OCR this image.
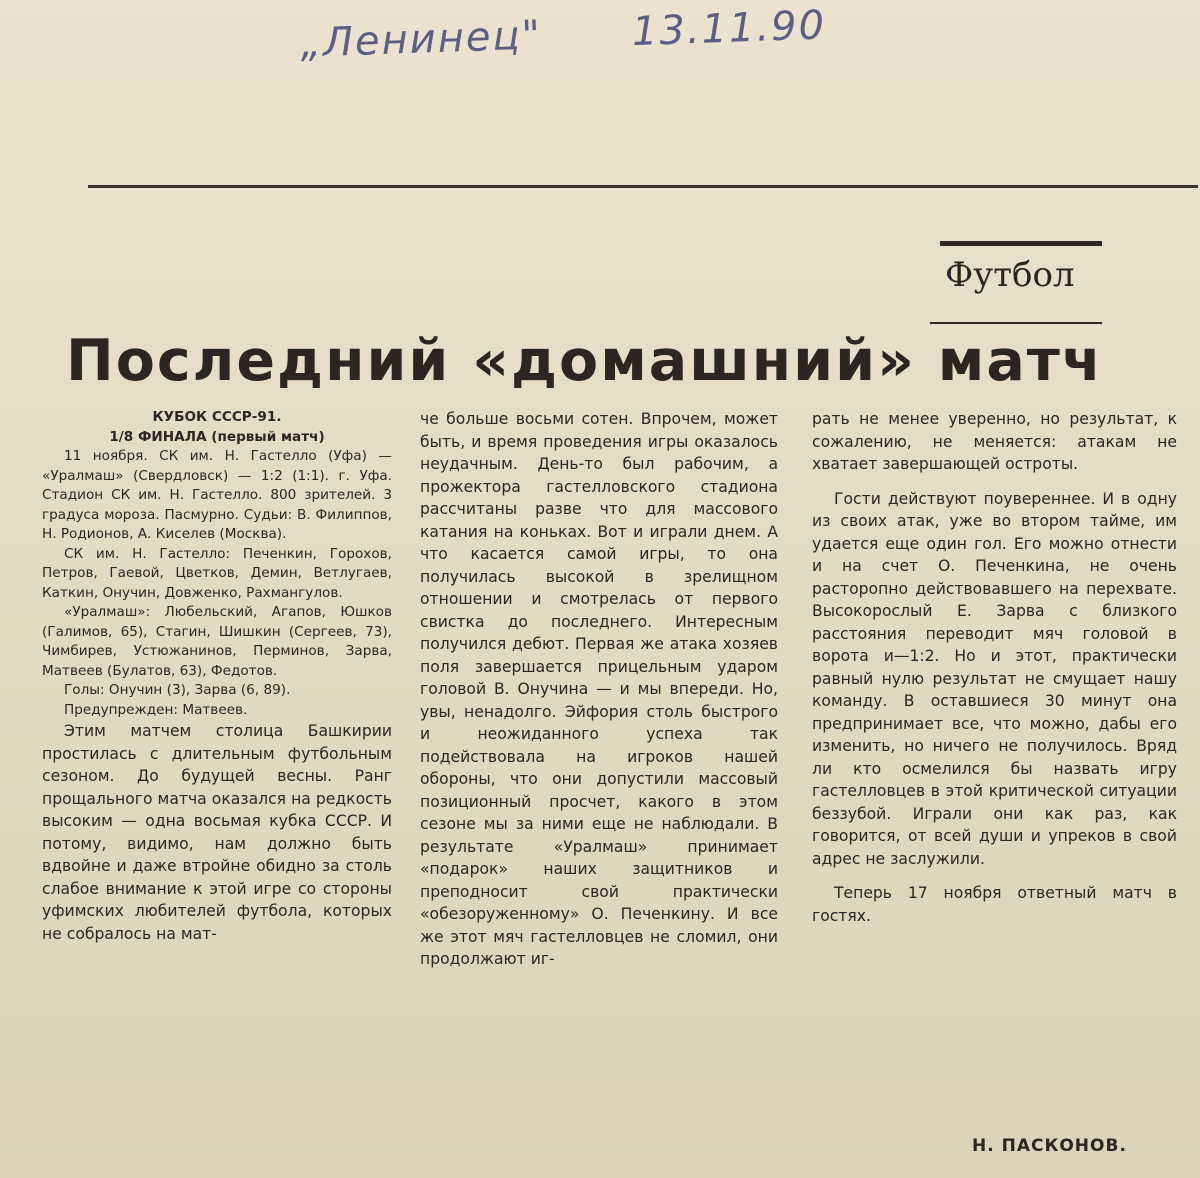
„Ленинец" 13.11.90
Футбол
Последний «домашний» матч

КУБОК СССР-91.

1/8 ФИНАЛА (первый матч)

11 ноября. СК им. Н. Гастелло (Уфа) — «Уралмаш» (Свердловск) — 1:2 (1:1). г. Уфа. Стадион СК им. Н. Гастелло. 800 зрителей. 3 градуса мороза. Пасмурно. Судьи: В. Филиппов, Н. Родионов, А. Киселев (Москва).

СК им. Н. Гастелло: Печенкин, Горохов, Петров, Гаевой, Цветков, Демин, Ветлугаев, Каткин, Онучин, Довженко, Рахмангулов.

«Уралмаш»: Любельский, Агапов, Юшков (Галимов, 65), Стагин, Шишкин (Сергеев, 73), Чимбирев, Устюжанинов, Перминов, Зарва, Матвеев (Булатов, 63), Федотов.

Голы: Онучин (3), Зарва (6, 89).

Предупрежден: Матвеев.

Этим матчем столица Башкирии простилась с длительным футбольным сезоном. До будущей весны. Ранг прощального матча оказался на редкость высоким — одна восьмая кубка СССР. И потому, видимо, нам должно быть вдвойне и даже втройне обидно за столь слабое внимание к этой игре со стороны уфимских любителей футбола, которых не собралось на мат-

че больше восьми сотен. Впрочем, может быть, и время проведения игры оказалось неудачным. День-то был рабочим, а прожектора гастелловского стадиона рассчитаны разве что для массового катания на коньках. Вот и играли днем. А что касается самой игры, то она получилась высокой в зрелищном отношении и смотрелась от первого свистка до последнего. Интересным получился дебют. Первая же атака хозяев поля завершается прицельным ударом головой В. Онучина — и мы впереди. Но, увы, ненадолго. Эйфория столь быстрого и неожиданного успеха так подействовала на игроков нашей обороны, что они допустили массовый позиционный просчет, какого в этом сезоне мы за ними еще не наблюдали. В результате «Уралмаш» принимает «подарок» наших защитников и преподносит свой практически «обезоруженному» О. Печенкину. И все же этот мяч гастелловцев не сломил, они продолжают иг-

рать не менее уверенно, но результат, к сожалению, не меняется: атакам не хватает завершающей остроты.

Гости действуют поувереннее. И в одну из своих атак, уже во втором тайме, им удается еще один гол. Его можно отнести и на счет О. Печенкина, не очень расторопно действовавшего на перехвате. Высокорослый Е. Зарва с близкого расстояния переводит мяч головой в ворота и—1:2. Но и этот, практически равный нулю результат не смущает нашу команду. В оставшиеся 30 минут она предпринимает все, что можно, дабы его изменить, но ничего не получилось. Вряд ли кто осмелился бы назвать игру гастелловцев в этой критической ситуации беззубой. Играли они как раз, как говорится, от всей души и упреков в свой адрес не заслужили.

Теперь 17 ноября ответный матч в гостях.

Н. ПАСКОНОВ.
